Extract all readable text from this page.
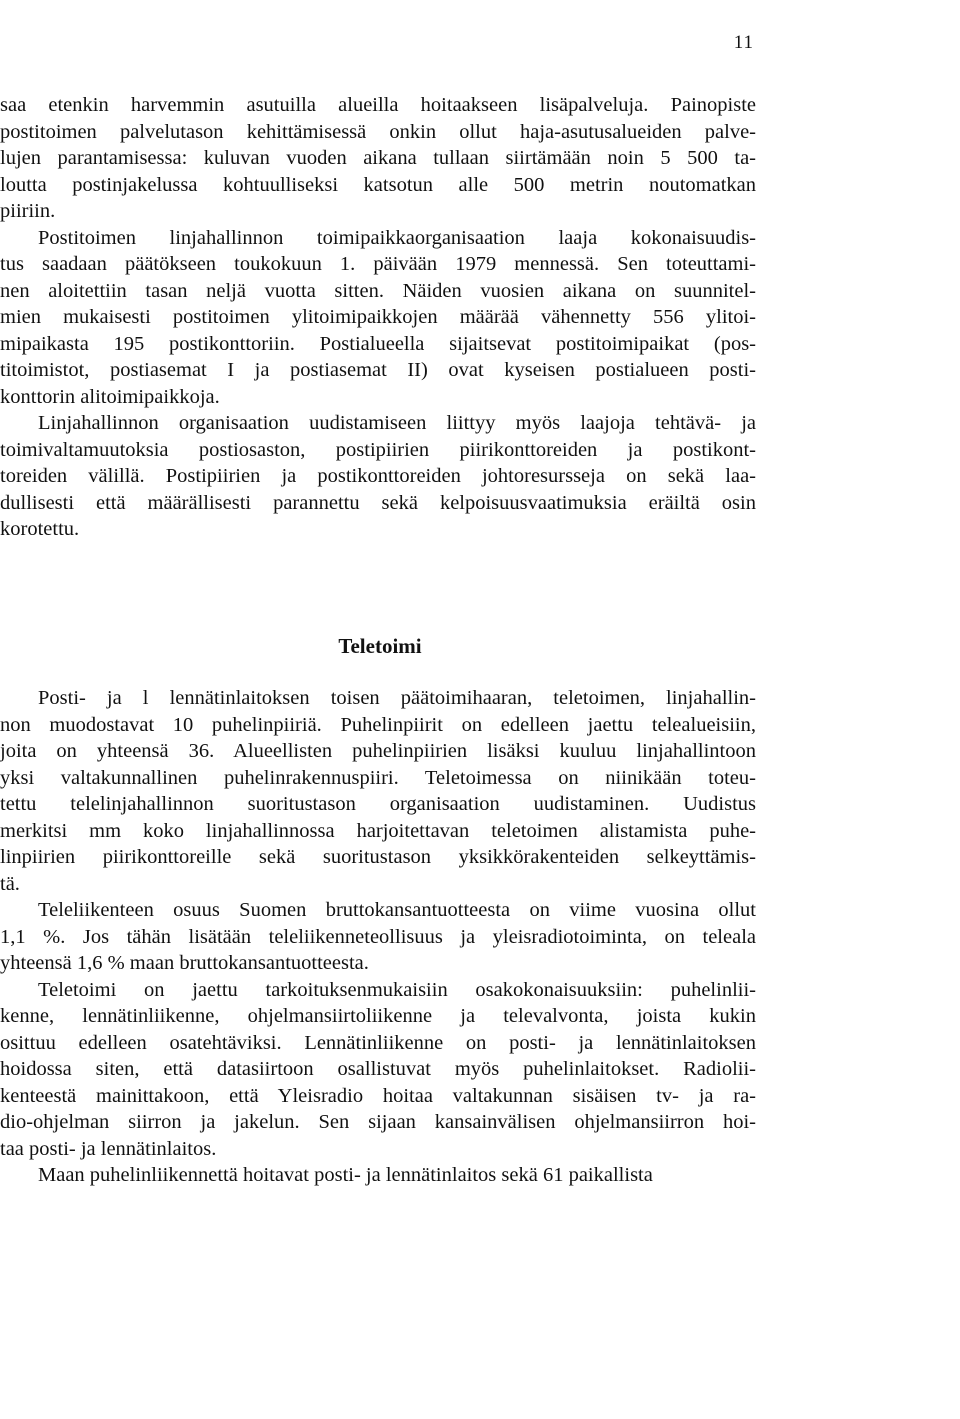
11
saa etenkin harvemmin asutuilla alueilla hoitaakseen lisäpalveluja. Painopiste
postitoimen palvelutason kehittämisessä onkin ollut haja-asutusalueiden palve-
lujen parantamisessa: kuluvan vuoden aikana tullaan siirtämään noin 5 500 ta-
loutta postinjakelussa kohtuulliseksi katsotun alle 500 metrin noutomatkan
piiriin.
Postitoimen linjahallinnon toimipaikkaorganisaation laaja kokonaisuudis-
tus saadaan päätökseen toukokuun 1. päivään 1979 mennessä. Sen toteuttami-
nen aloitettiin tasan neljä vuotta sitten. Näiden vuosien aikana on suunnitel-
mien mukaisesti postitoimen ylitoimipaikkojen määrää vähennetty 556 ylitoi-
mipaikasta 195 postikonttoriin. Postialueella sijaitsevat postitoimipaikat (pos-
titoimistot, postiasemat I ja postiasemat II) ovat kyseisen postialueen posti-
konttorin alitoimipaikkoja.
Linjahallinnon organisaation uudistamiseen liittyy myös laajoja tehtävä- ja
toimivaltamuutoksia postiosaston, postipiirien piirikonttoreiden ja postikont-
toreiden välillä. Postipiirien ja postikonttoreiden johtoresursseja on sekä laa-
dullisesti että määrällisesti parannettu sekä kelpoisuusvaatimuksia eräiltä osin
korotettu.
Teletoimi
Posti- ja l lennätinlaitoksen toisen päätoimihaaran, teletoimen, linjahallin-
non muodostavat 10 puhelinpiiriä. Puhelinpiirit on edelleen jaettu telealueisiin,
joita on yhteensä 36. Alueellisten puhelinpiirien lisäksi kuuluu linjahallintoon
yksi valtakunnallinen puhelinrakennuspiiri. Teletoimessa on niinikään toteu-
tettu telelinjahallinnon suoritustason organisaation uudistaminen. Uudistus
merkitsi mm koko linjahallinnossa harjoitettavan teletoimen alistamista puhe-
linpiirien piirikonttoreille sekä suoritustason yksikkörakenteiden selkeyttämis-
tä.
Teleliikenteen osuus Suomen bruttokansantuotteesta on viime vuosina ollut
1,1 %. Jos tähän lisätään teleliikenneteollisuus ja yleisradiotoiminta, on teleala
yhteensä 1,6 % maan bruttokansantuotteesta.
Teletoimi on jaettu tarkoituksenmukaisiin osakokonaisuuksiin: puhelinlii-
kenne, lennätinliikenne, ohjelmansiirtoliikenne ja televalvonta, joista kukin
osittuu edelleen osatehtäviksi. Lennätinliikenne on posti- ja lennätinlaitoksen
hoidossa siten, että datasiirtoon osallistuvat myös puhelinlaitokset. Radiolii-
kenteestä mainittakoon, että Yleisradio hoitaa valtakunnan sisäisen tv- ja ra-
dio-ohjelman siirron ja jakelun. Sen sijaan kansainvälisen ohjelmansiirron hoi-
taa posti- ja lennätinlaitos.
Maan puhelinliikennettä hoitavat posti- ja lennätinlaitos sekä 61 paikallista
